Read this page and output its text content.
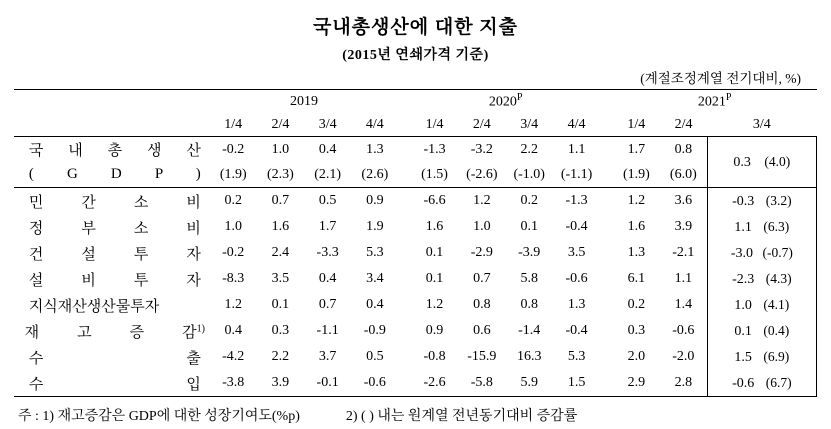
국내총생산에 대한 지출
(2015년 연쇄가격 기준)
(계절조정계열 전기대비, %)
	2019					$2020^P$					$2021^P$
	1/4	2/4	3/4	4/4		1/4	2/4	3/4	4/4		1/4	2/4	3/4
국 내 총 생 산	-0.2	1.0	0.4	1.3		-1.3	-3.2	2.2	1.1		1.7	0.8	0.3 (4.0)
( G D P )	(1.9)	(2.3)	(2.1)	(2.6)		(1.5)	(-2.6)	(-1.0)	(-1.1)		(1.9)	(6.0)	
민 간 소 비	0.2	0.7	0.5	0.9		-6.6	1.2	0.2	-1.3		1.2	3.6	-0.3 (3.2)
정 부 소 비	1.0	1.6	1.7	1.9		1.6	1.0	0.1	-0.4		1.6	3.9	1.1 (6.3)
건 설 투 자	-0.2	2.4	-3.3	5.3		0.1	-2.9	-3.9	3.5		1.3	-2.1	-3.0 (-0.7)
설 비 투 자	-8.3	3.5	0.4	3.4		0.1	0.7	5.8	-0.6		6.1	1.1	-2.3 (4.3)
지식재산생산물투자	1.2	0.1	0.7	0.4		1.2	0.8	0.8	1.3		0.2	1.4	1.0 (4.1)
재 고 증 감$^{1)}$	0.4	0.3	-1.1	-0.9		0.9	0.6	-1.4	-0.4		0.3	-0.6	0.1 (0.4)
수 출	-4.2	2.2	3.7	0.5		-0.8	-15.9	16.3	5.3		2.0	-2.0	1.5 (6.9)
수 입	-3.8	3.9	-0.1	-0.6		-2.6	-5.8	5.9	1.5		2.9	2.8	-0.6 (6.7)
주 : 1) 재고증감은 GDP에 대한 성장기여도(%p)	2) ( ) 내는 원계열 전년동기대비 증감률
